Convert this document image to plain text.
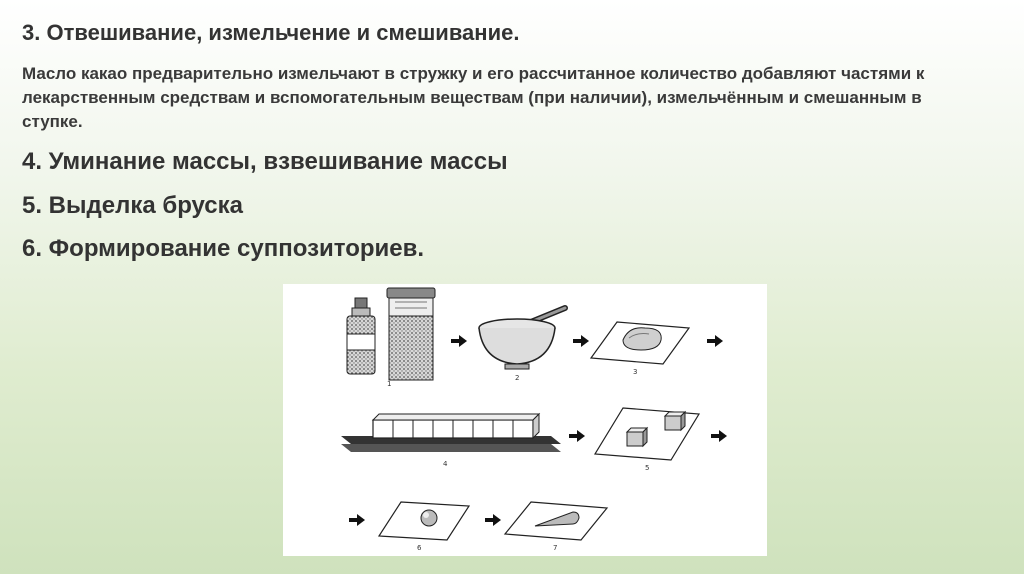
3. Отвешивание, измельчение и смешивание.
Масло какао предварительно измельчают в стружку и его рассчитанное количество добавляют частями к лекарственным средствам и вспомогательным веществам (при наличии), измельчённым и смешанным в ступке.
4. Уминание массы, взвешивание массы
5. Выделка бруска
6. Формирование суппозиториев.
1
2
3
4	5
6	7
